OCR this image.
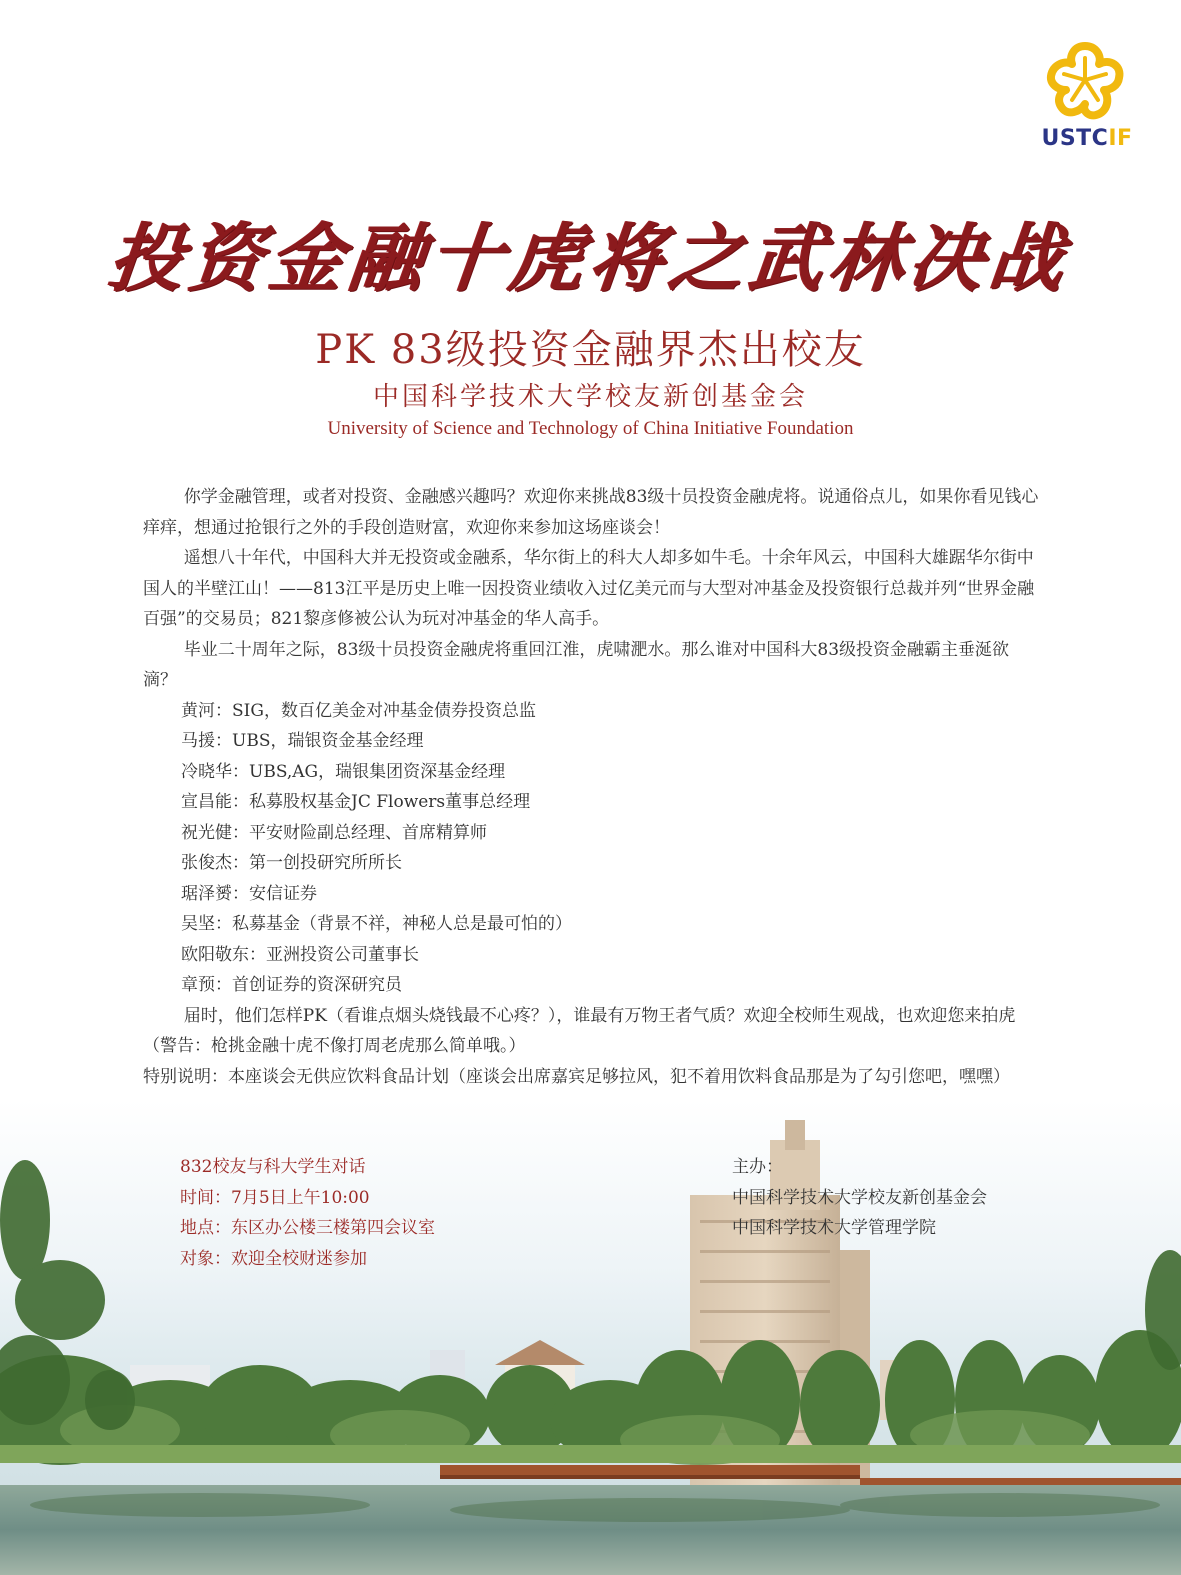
USTCIF
投资金融十虎将之武林决战
PK 83级投资金融界杰出校友
中国科学技术大学校友新创基金会
University of Science and Technology of China Initiative Foundation

你学金融管理，或者对投资、金融感兴趣吗？欢迎你来挑战83级十员投资金融虎将。说通俗点儿，如果你看见钱心痒痒，想通过抢银行之外的手段创造财富，欢迎你来参加这场座谈会！

遥想八十年代，中国科大并无投资或金融系，华尔街上的科大人却多如牛毛。十余年风云，中国科大雄踞华尔街中国人的半壁江山！——813江平是历史上唯一因投资业绩收入过亿美元而与大型对冲基金及投资银行总裁并列“世界金融百强”的交易员；821黎彦修被公认为玩对冲基金的华人高手。

毕业二十周年之际，83级十员投资金融虎将重回江淮，虎啸淝水。那么谁对中国科大83级投资金融霸主垂涎欲滴？

黄河：SIG，数百亿美金对冲基金债券投资总监

马援：UBS，瑞银资金基金经理

冷晓华：UBS,AG，瑞银集团资深基金经理

宣昌能：私募股权基金JC Flowers董事总经理

祝光健：平安财险副总经理、首席精算师

张俊杰：第一创投研究所所长

琚泽赟：安信证券

吴坚：私募基金（背景不祥，神秘人总是最可怕的）

欧阳敬东：亚洲投资公司董事长

章预：首创证券的资深研究员

届时，他们怎样PK（看谁点烟头烧钱最不心疼？），谁最有万物王者气质？欢迎全校师生观战，也欢迎您来拍虎（警告：枪挑金融十虎不像打周老虎那么简单哦。）

特别说明：本座谈会无供应饮料食品计划（座谈会出席嘉宾足够拉风，犯不着用饮料食品那是为了勾引您吧，嘿嘿）

832校友与科大学生对话
时间：7月5日上午10:00
地点：东区办公楼三楼第四会议室
对象：欢迎全校财迷参加
主办：
中国科学技术大学校友新创基金会
中国科学技术大学管理学院
